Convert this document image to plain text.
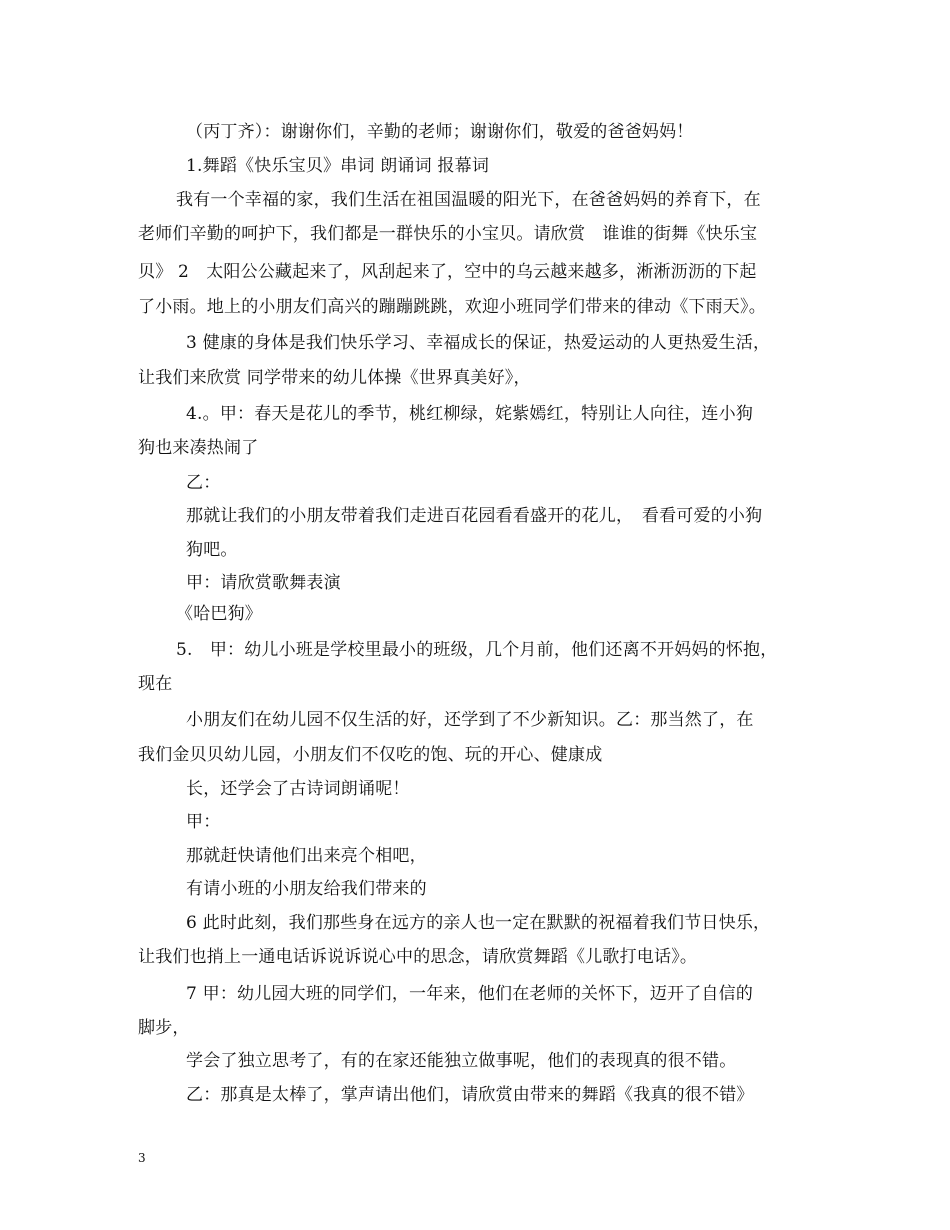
（丙丁齐）：谢谢你们，辛勤的老师；谢谢你们，敬爱的爸爸妈妈！
1.舞蹈《快乐宝贝》串词 朗诵词 报幕词
我有一个幸福的家，我们生活在祖国温暖的阳光下，在爸爸妈妈的养育下，在
老师们辛勤的呵护下，我们都是一群快乐的小宝贝。请欣赏　谁谁的街舞《快乐宝
贝》 2　太阳公公藏起来了，风刮起来了，空中的乌云越来越多，淅淅沥沥的下起
了小雨。地上的小朋友们高兴的蹦蹦跳跳，欢迎小班同学们带来的律动《下雨天》。
3 健康的身体是我们快乐学习、幸福成长的保证，热爱运动的人更热爱生活，
让我们来欣赏 同学带来的幼儿体操《世界真美好》，
4.。甲：春天是花儿的季节，桃红柳绿，姹紫嫣红，特别让人向往，连小狗
狗也来凑热闹了
乙：
那就让我们的小朋友带着我们走进百花园看看盛开的花儿，　看看可爱的小狗
狗吧。
甲：请欣赏歌舞表演
《哈巴狗》
5.　甲：幼儿小班是学校里最小的班级，几个月前，他们还离不开妈妈的怀抱，
现在
小朋友们在幼儿园不仅生活的好，还学到了不少新知识。乙：那当然了，在
我们金贝贝幼儿园，小朋友们不仅吃的饱、玩的开心、健康成
长，还学会了古诗词朗诵呢！
甲：
那就赶快请他们出来亮个相吧，
有请小班的小朋友给我们带来的
6 此时此刻，我们那些身在远方的亲人也一定在默默的祝福着我们节日快乐，
让我们也捎上一通电话诉说诉说心中的思念，请欣赏舞蹈《儿歌打电话》。
7 甲：幼儿园大班的同学们，一年来，他们在老师的关怀下，迈开了自信的
脚步，
学会了独立思考了，有的在家还能独立做事呢，他们的表现真的很不错。
乙：那真是太棒了，掌声请出他们，请欣赏由带来的舞蹈《我真的很不错》
3
